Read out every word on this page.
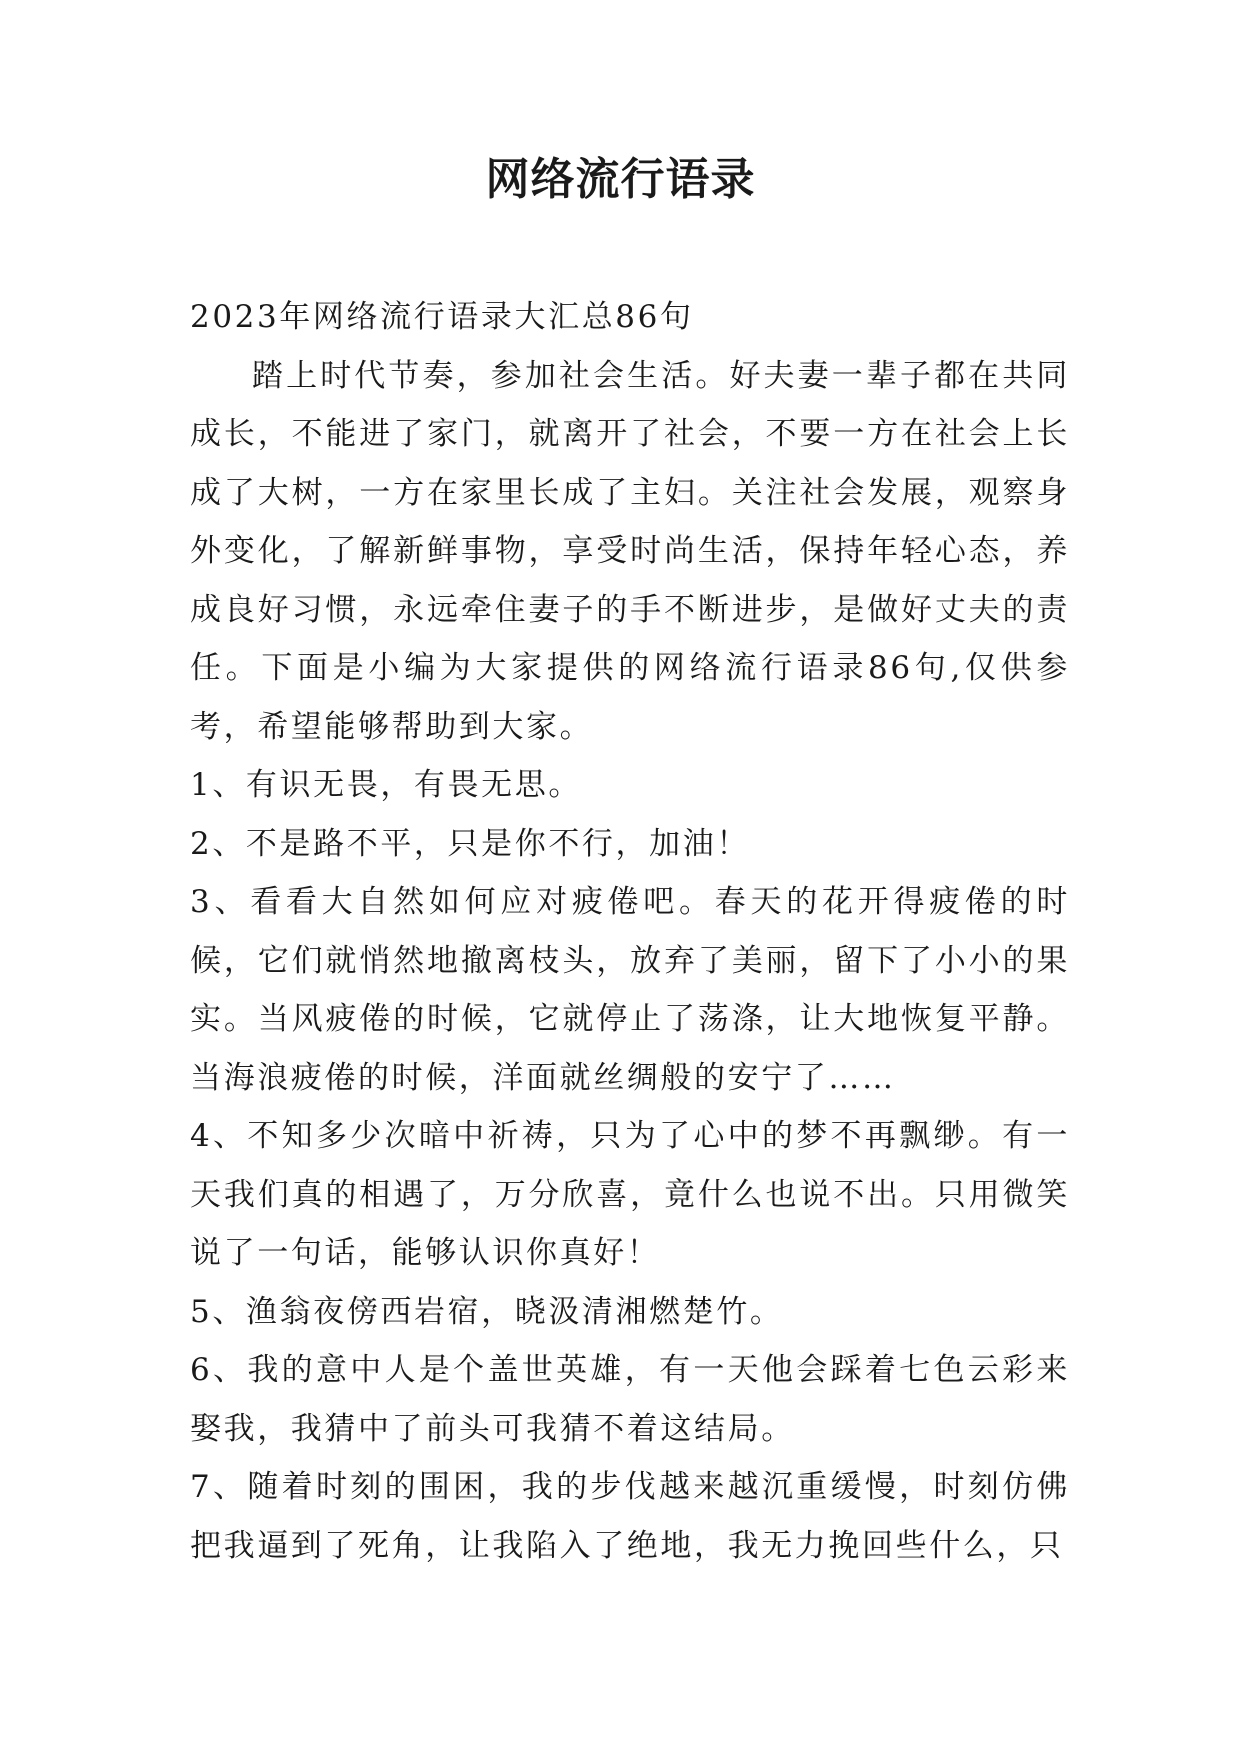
网络流行语录

2023年网络流行语录大汇总86句

踏上时代节奏，参加社会生活。好夫妻一辈子都在共同成长，不能进了家门，就离开了社会，不要一方在社会上长成了大树，一方在家里长成了主妇。关注社会发展，观察身外变化，了解新鲜事物，享受时尚生活，保持年轻心态，养成良好习惯，永远牵住妻子的手不断进步，是做好丈夫的责任。下面是小编为大家提供的网络流行语录86句,仅供参考，希望能够帮助到大家。

1、有识无畏，有畏无思。

2、不是路不平，只是你不行，加油！

3、看看大自然如何应对疲倦吧。春天的花开得疲倦的时候，它们就悄然地撤离枝头，放弃了美丽，留下了小小的果实。当风疲倦的时候，它就停止了荡涤，让大地恢复平静。当海浪疲倦的时候，洋面就丝绸般的安宁了……

4、不知多少次暗中祈祷，只为了心中的梦不再飘缈。有一天我们真的相遇了，万分欣喜，竟什么也说不出。只用微笑说了一句话，能够认识你真好！

5、渔翁夜傍西岩宿，晓汲清湘燃楚竹。

6、我的意中人是个盖世英雄，有一天他会踩着七色云彩来娶我，我猜中了前头可我猜不着这结局。

7、随着时刻的围困，我的步伐越来越沉重缓慢，时刻仿佛把我逼到了死角，让我陷入了绝地，我无力挽回些什么，只
